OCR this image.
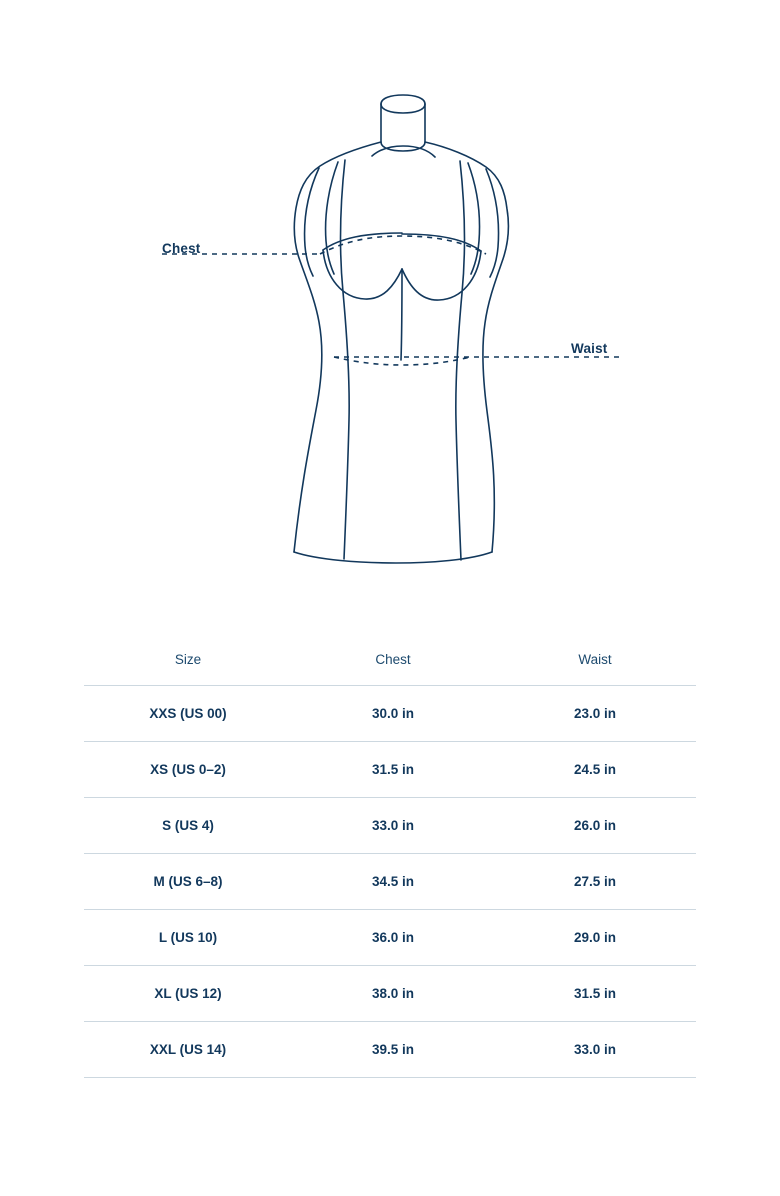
Chest
Waist
Size	Chest	Waist
XXS (US 00)	30.0 in	23.0 in
XS (US 0–2)	31.5 in	24.5 in
S (US 4)	33.0 in	26.0 in
M (US 6–8)	34.5 in	27.5 in
L (US 10)	36.0 in	29.0 in
XL (US 12)	38.0 in	31.5 in
XXL (US 14)	39.5 in	33.0 in
